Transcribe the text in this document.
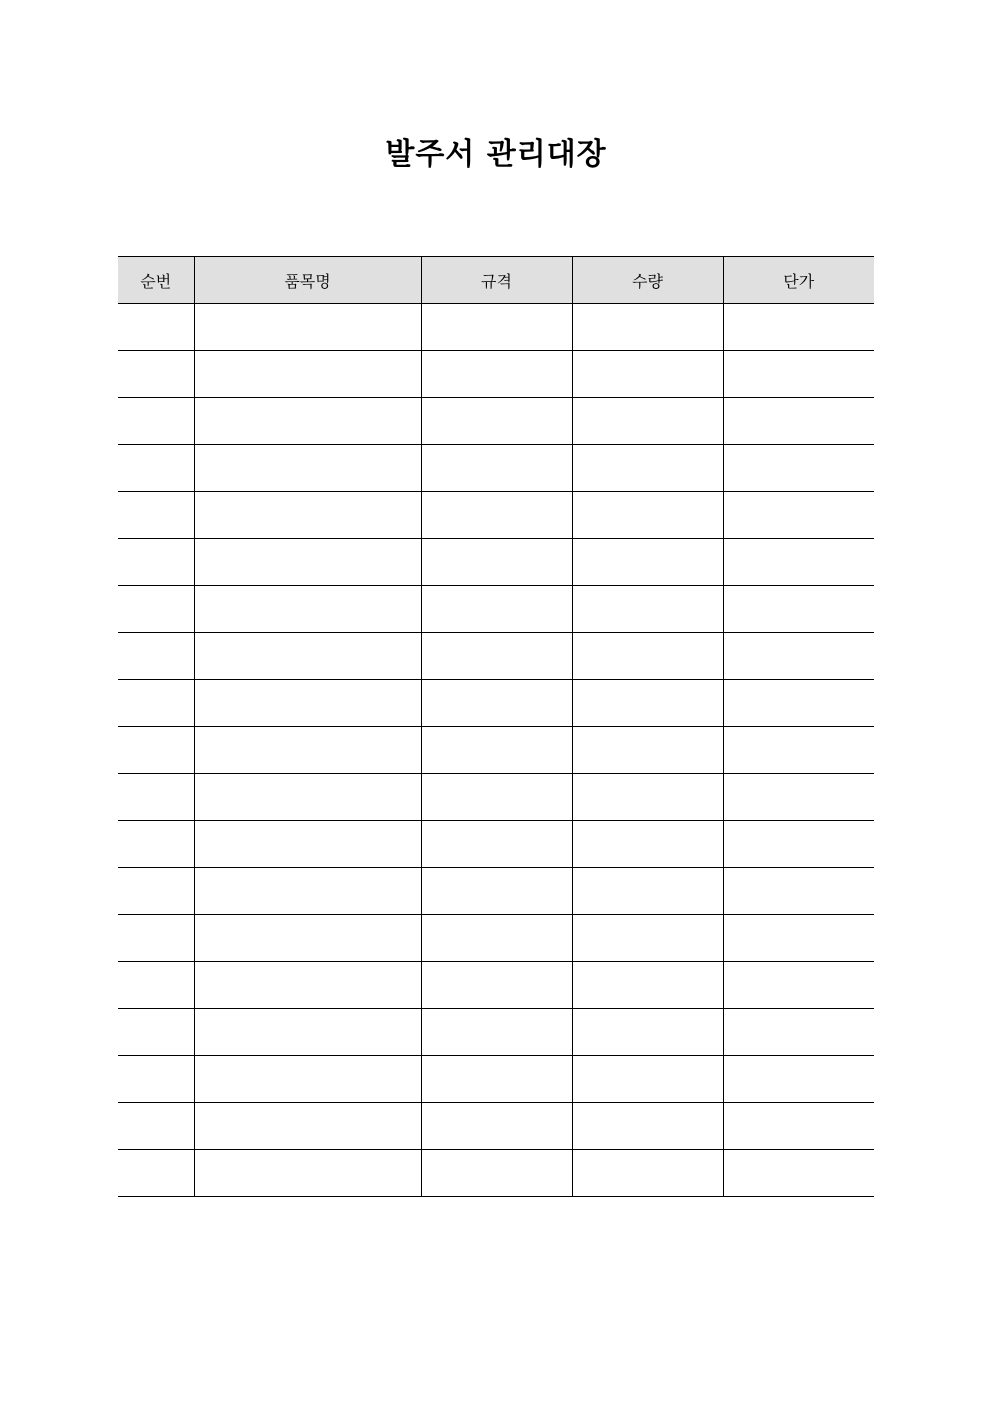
발주서 관리대장
순번	품목명	규격	수량	단가
